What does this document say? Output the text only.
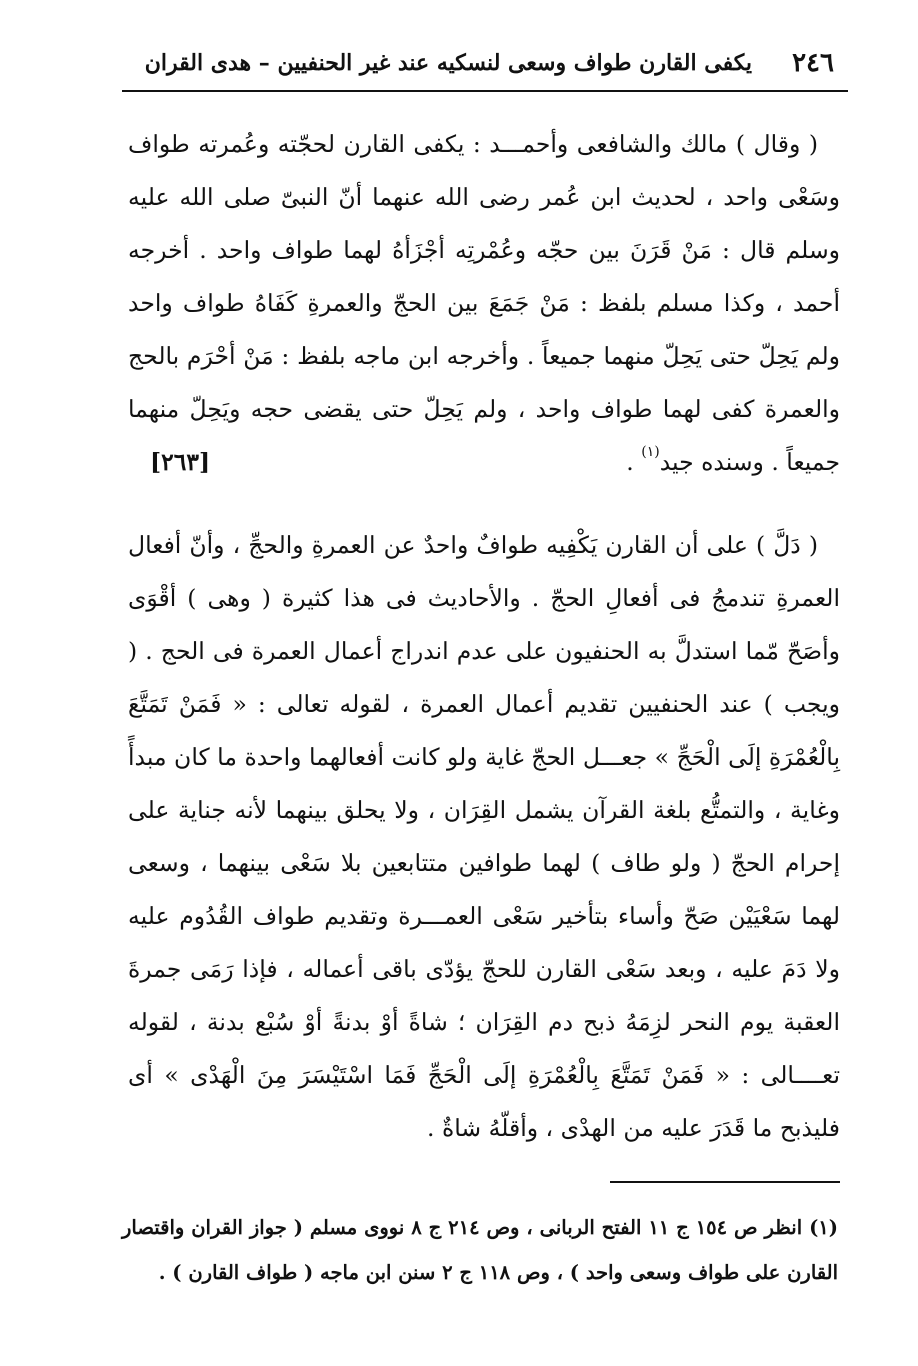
٢٤٦
يكفى القارن طواف وسعى لنسكيه عند غير الحنفيين – هدى القران

( وقال ) مالك والشافعى وأحمـــد : يكفى القارن لحجّته وعُمرته طواف وسَعْى واحد ، لحديث ابن عُمر رضى الله عنهما أنّ النبىّ صلى الله عليه وسلم قال : مَنْ قَرَنَ بين حجّه وعُمْرتِه أجْزَأهُ لهما طواف واحد . أخرجه أحمد ، وكذا مسلم بلفظ : مَنْ جَمَعَ بين الحجّ والعمرةِ كَفَاهُ طواف واحد ولم يَحِلّ حتى يَحِلّ منهما جميعاً . وأخرجه ابن ماجه بلفظ : مَنْ أحْرَم بالحج والعمرة كفى لهما طواف واحد ، ولم يَحِلّ حتى يقضى حجه ويَحِلّ منهما جميعاً . وسنده جيد$^{(١)}$ .
[٢٦٣]

( دَلَّ ) على أن القارن يَكْفِيه طوافٌ واحدٌ عن العمرةِ والحجِّ ، وأنّ أفعال العمرةِ تندمجُ فى أفعالِ الحجّ . والأحاديث فى هذا كثيرة ( وهى ) أقْوَى وأصَحّ مّما استدلَّ به الحنفيون على عدم اندراج أعمال العمرة فى الحج . ( ويجب ) عند الحنفيين تقديم أعمال العمرة ، لقوله تعالى : « فَمَنْ تَمَتَّعَ بِالْعُمْرَةِ إلَى الْحَجِّ » جعـــل الحجّ غاية ولو كانت أفعالهما واحدة ما كان مبدأً وغاية ، والتمتُّع بلغة القرآن يشمل القِرَان ، ولا يحلق بينهما لأنه جناية على إحرام الحجّ ( ولو طاف ) لهما طوافين متتابعين بلا سَعْى بينهما ، وسعى لهما سَعْيَيْن صَحّ وأساء بتأخير سَعْى العمـــرة وتقديم طواف القُدُوم عليه ولا دَمَ عليه ، وبعد سَعْى القارن للحجّ يؤدّى باقى أعماله ، فإذا رَمَى جمرةَ العقبة يوم النحر لزِمَهُ ذبح دم القِرَان ؛ شاةً أوْ بدنةً أوْ سُبْع بدنة ، لقوله تعــــالى : « فَمَنْ تَمَتَّعَ بِالْعُمْرَةِ إلَى الْحَجِّ فَمَا اسْتَيْسَرَ مِنَ الْهَدْى » أى فليذبح ما قَدَرَ عليه من الهدْى ، وأقلّهُ شاةٌ .

(١) انظر ص ١٥٤ ج ١١ الفتح الربانى ، وص ٢١٤ ج ٨ نووى مسلم ( جواز القران واقتصار القارن على طواف وسعى واحد ) ، وص ١١٨ ج ٢ سنن ابن ماجه ( طواف القارن ) .
